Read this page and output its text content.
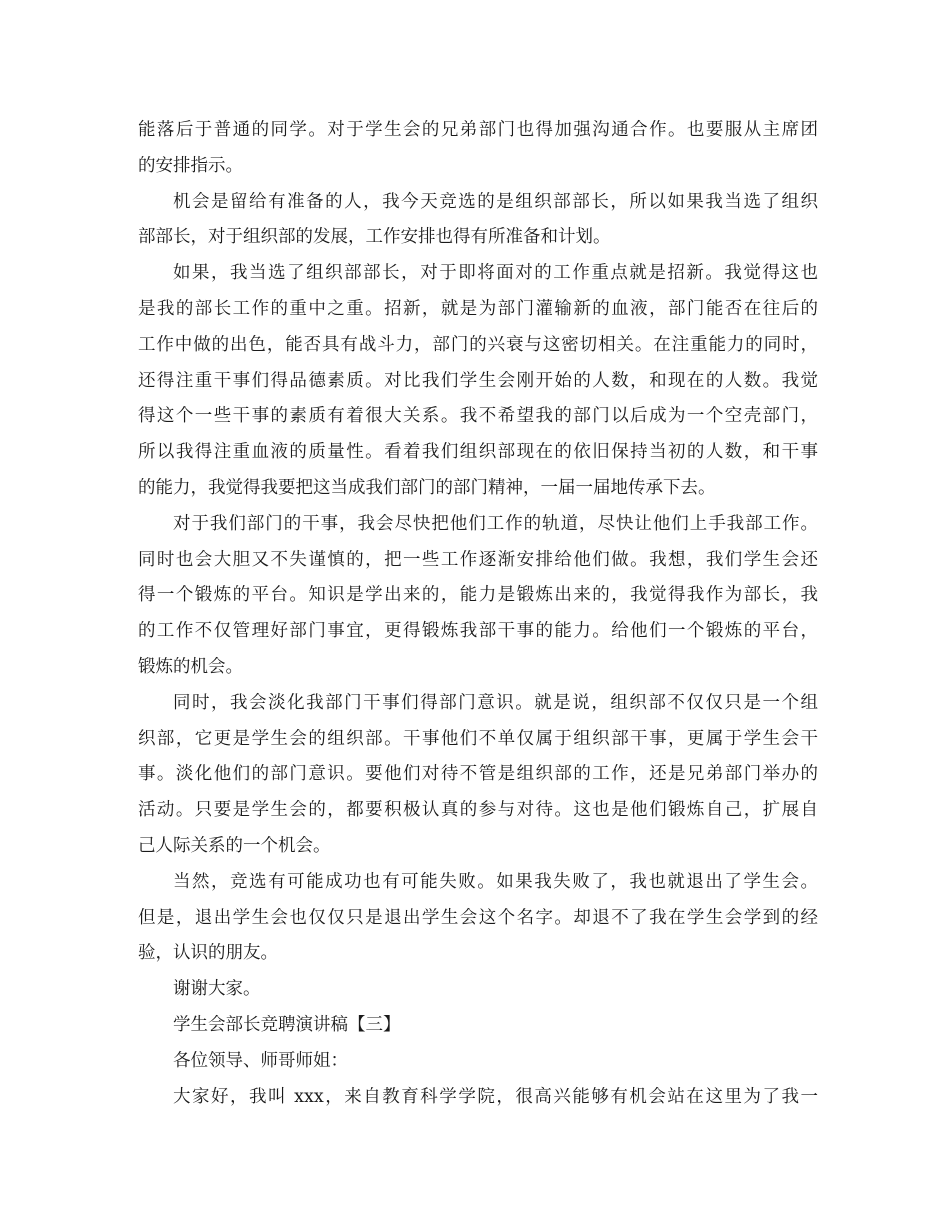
能落后于普通的同学。对于学生会的兄弟部门也得加强沟通合作。也要服从主席团
的安排指示。
机会是留给有准备的人，我今天竞选的是组织部部长，所以如果我当选了组织
部部长，对于组织部的发展，工作安排也得有所准备和计划。
如果，我当选了组织部部长，对于即将面对的工作重点就是招新。我觉得这也
是我的部长工作的重中之重。招新，就是为部门灌输新的血液，部门能否在往后的
工作中做的出色，能否具有战斗力，部门的兴衰与这密切相关。在注重能力的同时，
还得注重干事们得品德素质。对比我们学生会刚开始的人数，和现在的人数。我觉
得这个一些干事的素质有着很大关系。我不希望我的部门以后成为一个空壳部门，
所以我得注重血液的质量性。看着我们组织部现在的依旧保持当初的人数，和干事
的能力，我觉得我要把这当成我们部门的部门精神，一届一届地传承下去。
对于我们部门的干事，我会尽快把他们工作的轨道，尽快让他们上手我部工作。
同时也会大胆又不失谨慎的，把一些工作逐渐安排给他们做。我想，我们学生会还
得一个锻炼的平台。知识是学出来的，能力是锻炼出来的，我觉得我作为部长，我
的工作不仅管理好部门事宜，更得锻炼我部干事的能力。给他们一个锻炼的平台，
锻炼的机会。
同时，我会淡化我部门干事们得部门意识。就是说，组织部不仅仅只是一个组
织部，它更是学生会的组织部。干事他们不单仅属于组织部干事，更属于学生会干
事。淡化他们的部门意识。要他们对待不管是组织部的工作，还是兄弟部门举办的
活动。只要是学生会的，都要积极认真的参与对待。这也是他们锻炼自己，扩展自
己人际关系的一个机会。
当然，竞选有可能成功也有可能失败。如果我失败了，我也就退出了学生会。
但是，退出学生会也仅仅只是退出学生会这个名字。却退不了我在学生会学到的经
验，认识的朋友。
谢谢大家。
学生会部长竞聘演讲稿【三】
各位领导、师哥师姐：
大家好，我叫 xxx，来自教育科学学院，很高兴能够有机会站在这里为了我一
